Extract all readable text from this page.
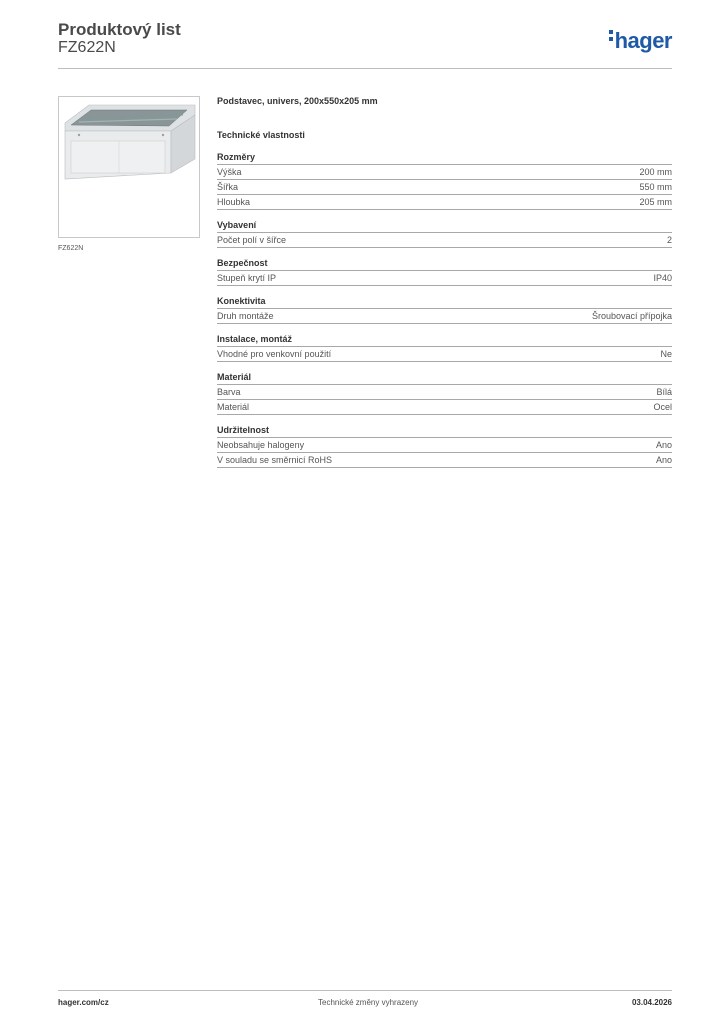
Produktový list
FZ622N	hager
FZ622N
Podstavec, univers, 200x550x205 mm
Technické vlastnosti
Rozměry
Výška	200 mm
Šířka	550 mm
Hloubka	205 mm
Vybavení
Počet polí v šířce	2
Bezpečnost
Stupeň krytí IP	IP40
Konektivita
Druh montáže	Šroubovací přípojka
Instalace, montáž
Vhodné pro venkovní použití	Ne
Materiál
Barva	Bílá
Materiál	Ocel
Udržitelnost
Neobsahuje halogeny	Ano
V souladu se směrnicí RoHS	Ano
hager.com/cz	Technické změny vyhrazeny	03.04.2026
